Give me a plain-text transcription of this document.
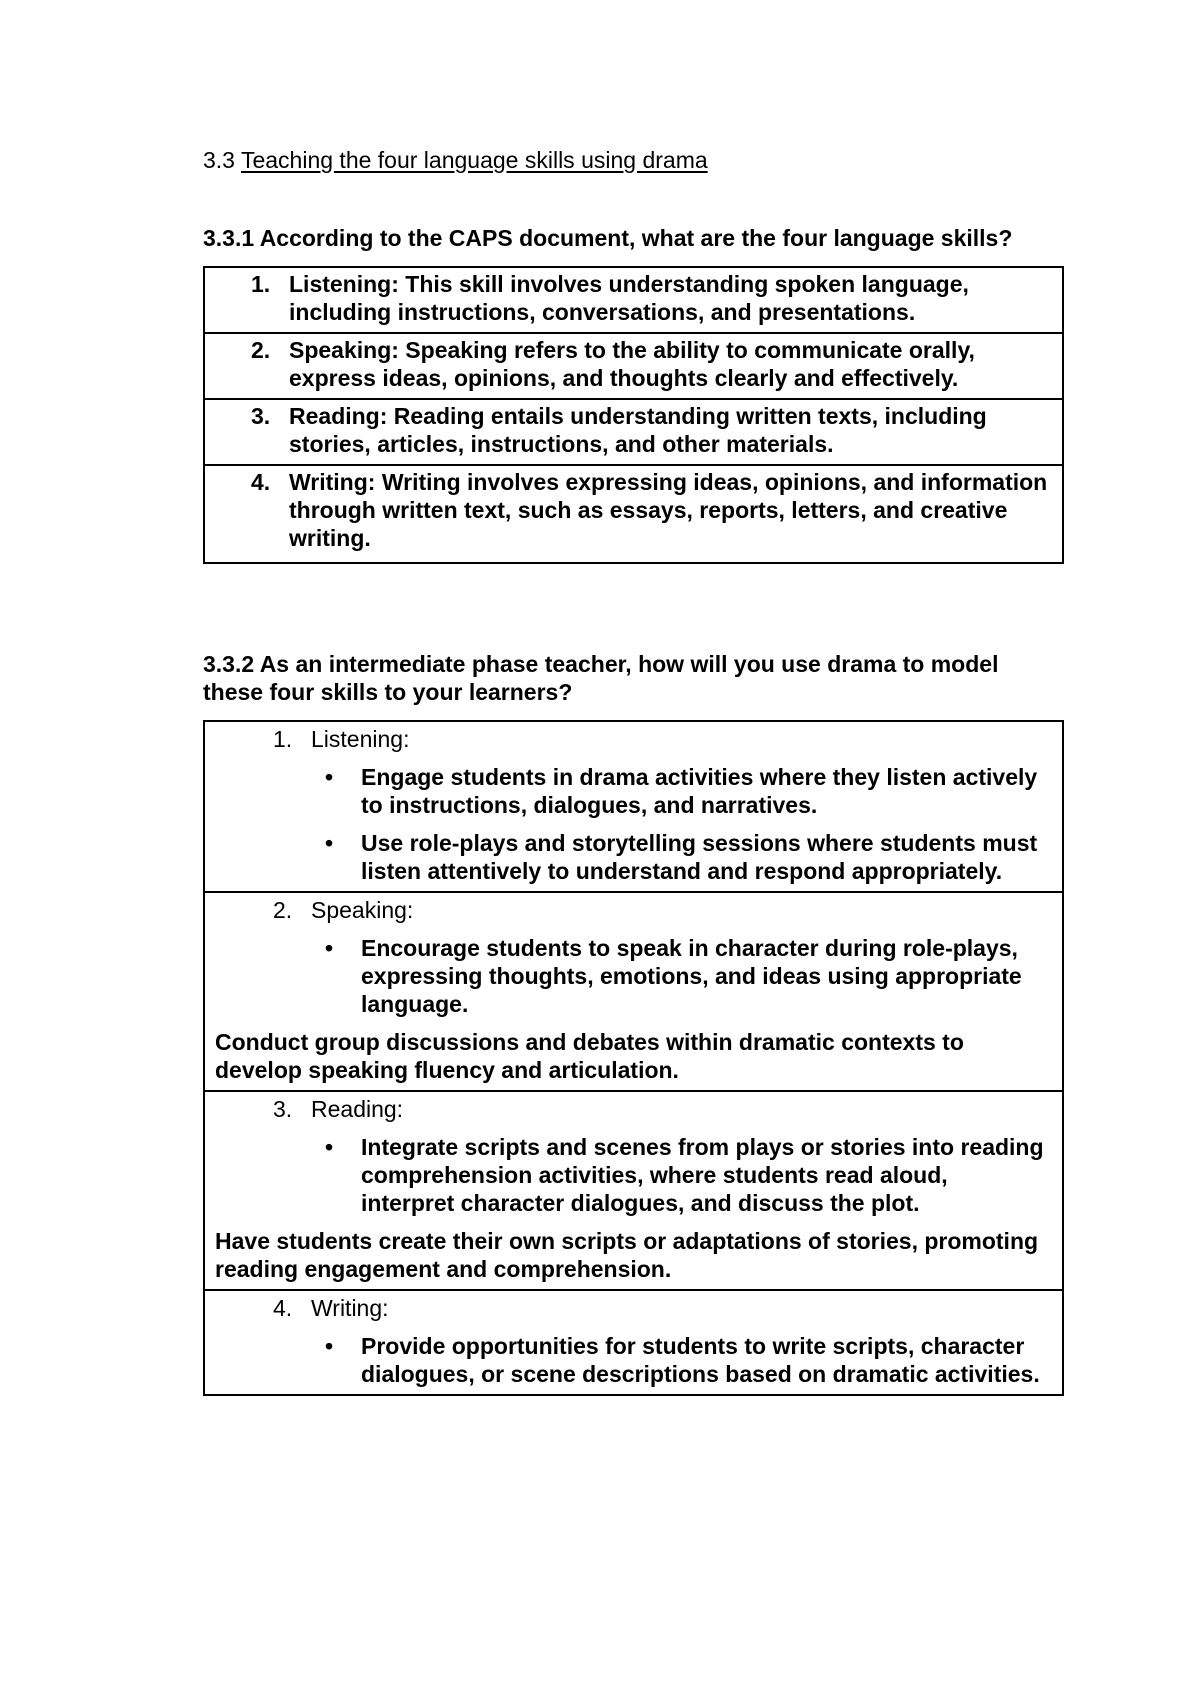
3.3 Teaching the four language skills using drama
3.3.1 According to the CAPS document, what are the four language skills?
1. Listening: This skill involves understanding spoken language, including instructions, conversations, and presentations.

2. Speaking: Speaking refers to the ability to communicate orally, express ideas, opinions, and thoughts clearly and effectively.

3. Reading: Reading entails understanding written texts, including stories, articles, instructions, and other materials.

4. Writing: Writing involves expressing ideas, opinions, and information through written text, such as essays, reports, letters, and creative writing.
3.3.2 As an intermediate phase teacher, how will you use drama to model these four skills to your learners?
1. Listening:
• Engage students in drama activities where they listen actively to instructions, dialogues, and narratives.
• Use role-plays and storytelling sessions where students must listen attentively to understand and respond appropriately.

2. Speaking:
• Encourage students to speak in character during role-plays, expressing thoughts, emotions, and ideas using appropriate language.
Conduct group discussions and debates within dramatic contexts to develop speaking fluency and articulation.

3. Reading:
• Integrate scripts and scenes from plays or stories into reading comprehension activities, where students read aloud, interpret character dialogues, and discuss the plot.
Have students create their own scripts or adaptations of stories, promoting reading engagement and comprehension.

4. Writing:
• Provide opportunities for students to write scripts, character dialogues, or scene descriptions based on dramatic activities.
